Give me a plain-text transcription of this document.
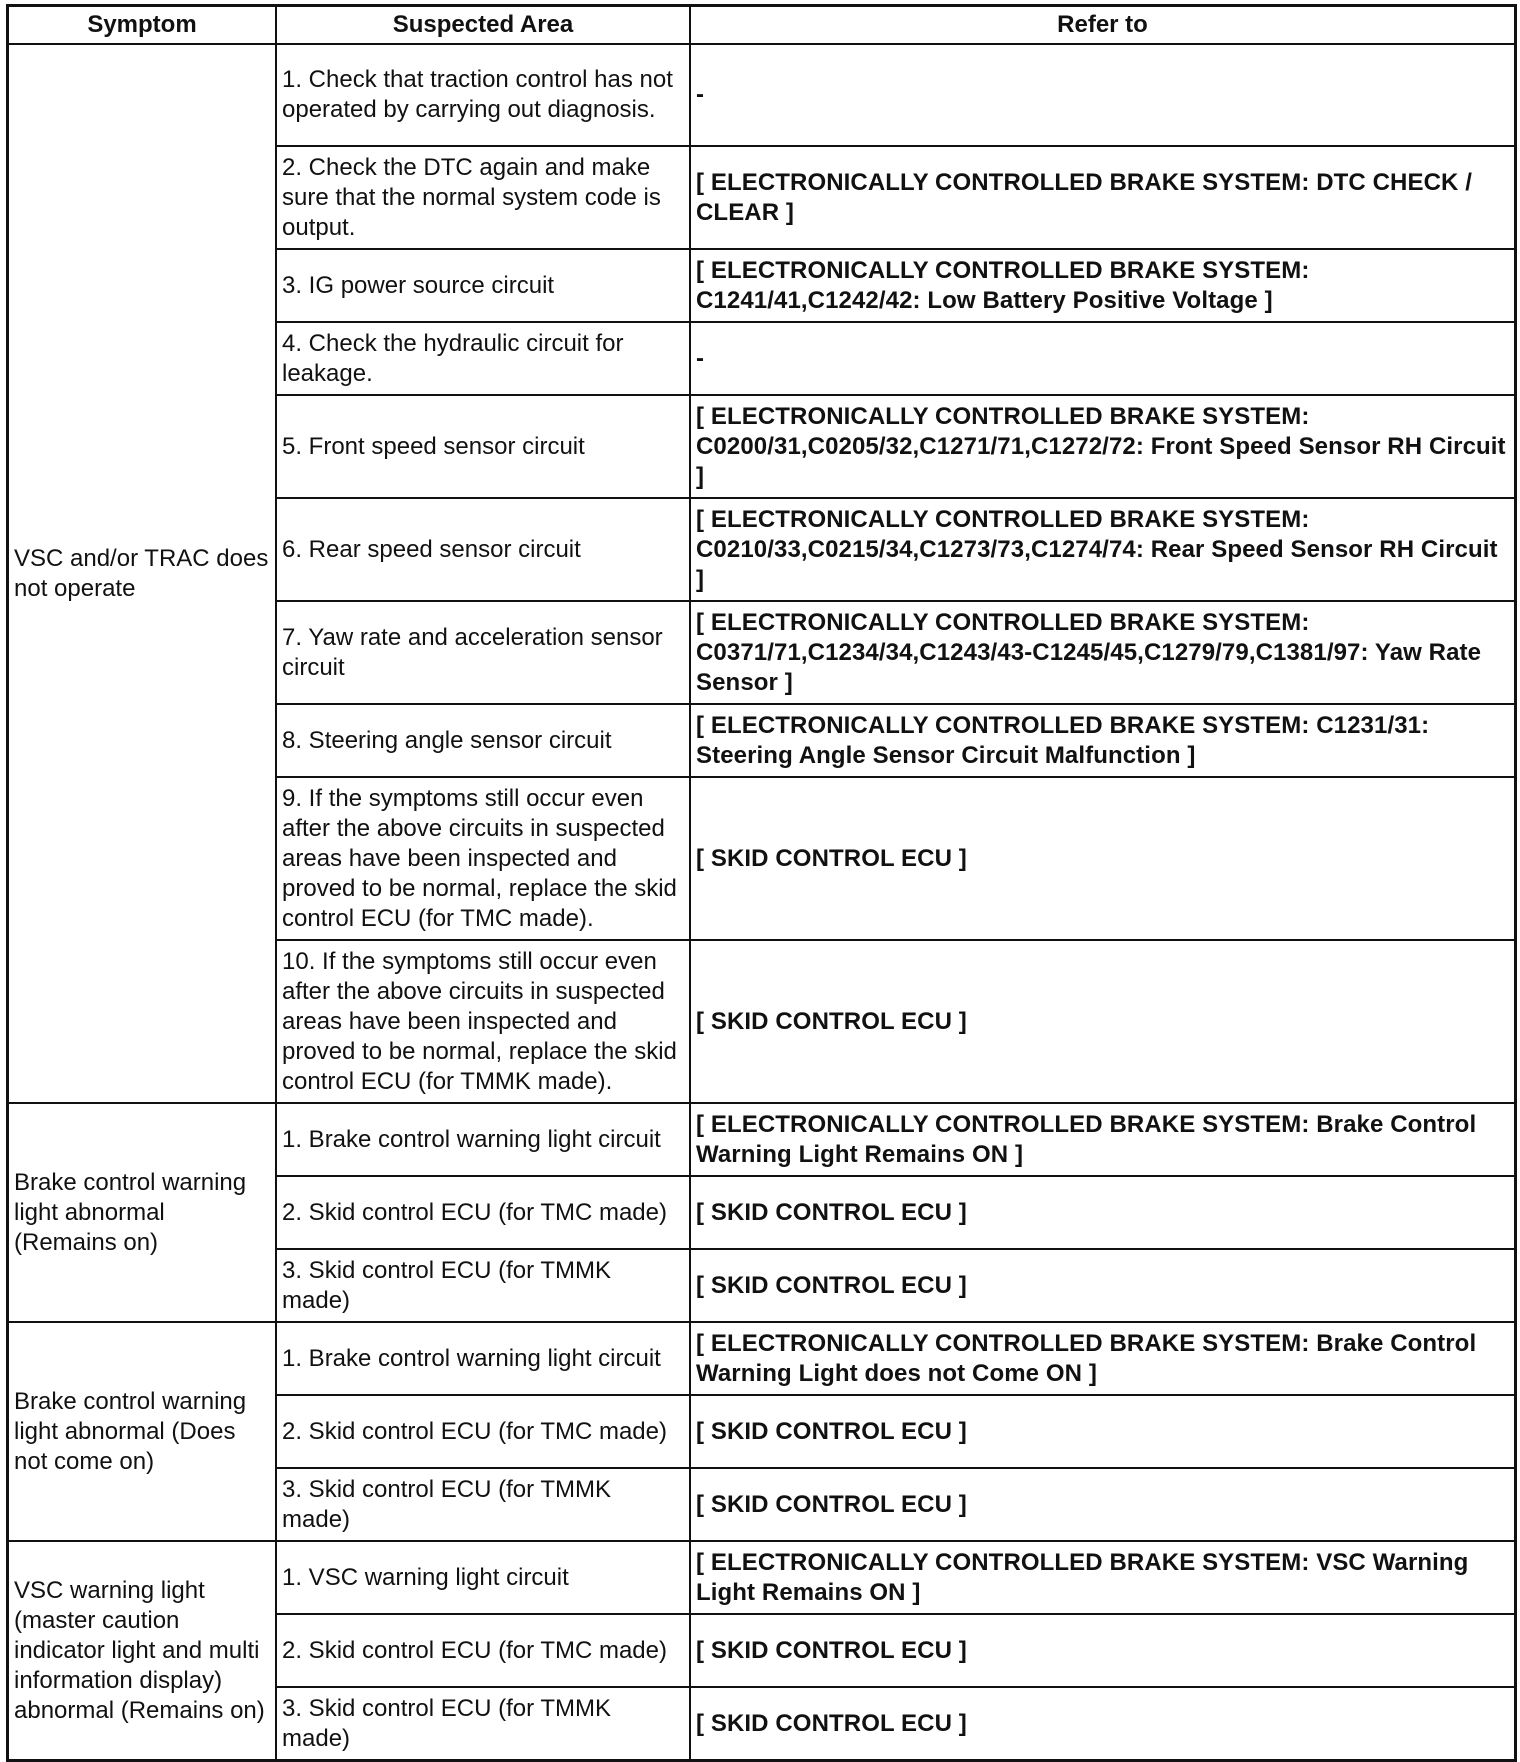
Symptom	Suspected Area	Refer to
VSC and/or TRAC does not operate	1. Check that traction control has not operated by carrying out diagnosis.	-
	2. Check the DTC again and make sure that the normal system code is output.	[ ELECTRONICALLY CONTROLLED BRAKE SYSTEM: DTC CHECK / CLEAR ]
	3. IG power source circuit	[ ELECTRONICALLY CONTROLLED BRAKE SYSTEM: C1241/41,C1242/42: Low Battery Positive Voltage ]
	4. Check the hydraulic circuit for leakage.	-
	5. Front speed sensor circuit	[ ELECTRONICALLY CONTROLLED BRAKE SYSTEM: C0200/31,C0205/32,C1271/71,C1272/72: Front Speed Sensor RH Circuit ]
	6. Rear speed sensor circuit	[ ELECTRONICALLY CONTROLLED BRAKE SYSTEM: C0210/33,C0215/34,C1273/73,C1274/74: Rear Speed Sensor RH Circuit ]
	7. Yaw rate and acceleration sensor circuit	[ ELECTRONICALLY CONTROLLED BRAKE SYSTEM: C0371/71,C1234/34,C1243/43-C1245/45,C1279/79,C1381/97: Yaw Rate Sensor ]
	8. Steering angle sensor circuit	[ ELECTRONICALLY CONTROLLED BRAKE SYSTEM: C1231/31: Steering Angle Sensor Circuit Malfunction ]
	9. If the symptoms still occur even after the above circuits in suspected areas have been inspected and proved to be normal, replace the skid control ECU (for TMC made).	[ SKID CONTROL ECU ]
	10. If the symptoms still occur even after the above circuits in suspected areas have been inspected and proved to be normal, replace the skid control ECU (for TMMK made).	[ SKID CONTROL ECU ]
Brake control warning light abnormal (Remains on)	1. Brake control warning light circuit	[ ELECTRONICALLY CONTROLLED BRAKE SYSTEM: Brake Control Warning Light Remains ON ]
	2. Skid control ECU (for TMC made)	[ SKID CONTROL ECU ]
	3. Skid control ECU (for TMMK made)	[ SKID CONTROL ECU ]
Brake control warning light abnormal (Does not come on)	1. Brake control warning light circuit	[ ELECTRONICALLY CONTROLLED BRAKE SYSTEM: Brake Control Warning Light does not Come ON ]
	2. Skid control ECU (for TMC made)	[ SKID CONTROL ECU ]
	3. Skid control ECU (for TMMK made)	[ SKID CONTROL ECU ]
VSC warning light (master caution indicator light and multi information display) abnormal (Remains on)	1. VSC warning light circuit	[ ELECTRONICALLY CONTROLLED BRAKE SYSTEM: VSC Warning Light Remains ON ]
	2. Skid control ECU (for TMC made)	[ SKID CONTROL ECU ]
	3. Skid control ECU (for TMMK made)	[ SKID CONTROL ECU ]
